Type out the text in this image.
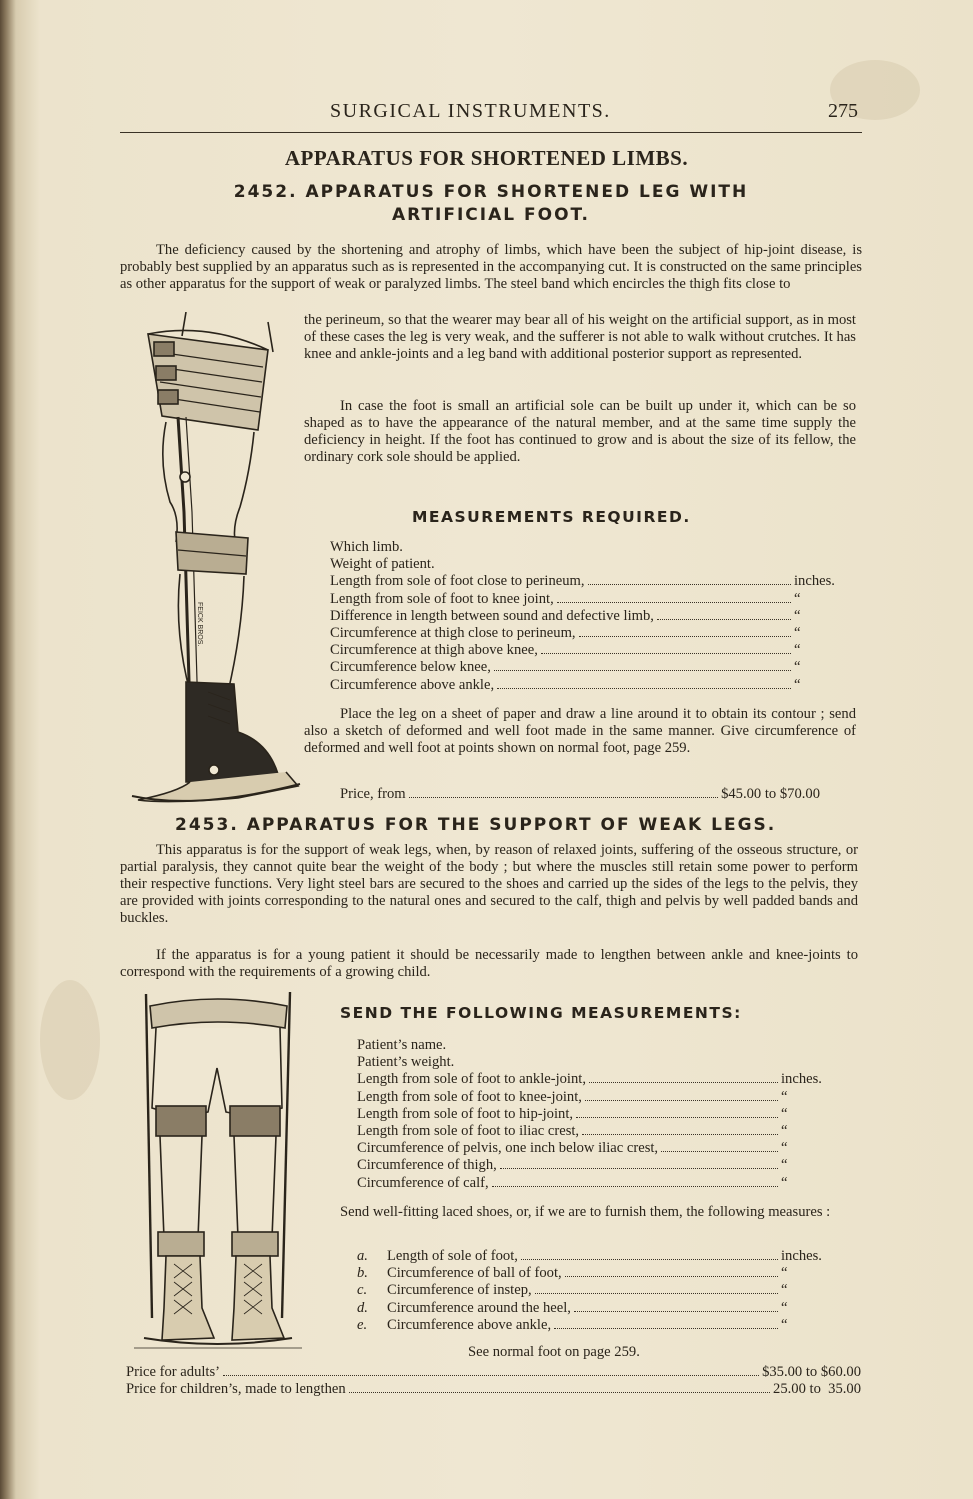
SURGICAL INSTRUMENTS.	275
APPARATUS FOR SHORTENED LIMBS.
2452. APPARATUS FOR SHORTENED LEG WITH
ARTIFICIAL FOOT.

The deficiency caused by the shortening and atrophy of limbs, which have been the subject of hip-joint disease, is probably best supplied by an apparatus such as is represented in the accompanying cut. It is constructed on the same principles as other apparatus for the support of weak or paralyzed limbs. The steel band which encircles the thigh fits close to

FEICK BROS.

the perineum, so that the wearer may bear all of his weight on the artificial support, as in most of these cases the leg is very weak, and the sufferer is not able to walk without crutches. It has knee and ankle-joints and a leg band with additional posterior support as represented.

In case the foot is small an artificial sole can be built up under it, which can be so shaped as to have the appearance of the natural member, and at the same time supply the deficiency in height. If the foot has continued to grow and is about the size of its fellow, the ordinary cork sole should be applied.

MEASUREMENTS REQUIRED.
Which limb.
Weight of patient.
Length from sole of foot close to perineum,	inches.
Length from sole of foot to knee joint,	“
Difference in length between sound and defective limb,	“
Circumference at thigh close to perineum,	“
Circumference at thigh above knee,	“
Circumference below knee,	“
Circumference above ankle,	“

Place the leg on a sheet of paper and draw a line around it to obtain its contour ; send also a sketch of deformed and well foot made in the same manner. Give circumference of deformed and well foot at points shown on normal foot, page 259.

Price, from	$45.00 to $70.00
2453. APPARATUS FOR THE SUPPORT OF WEAK LEGS.

This apparatus is for the support of weak legs, when, by reason of relaxed joints, suffering of the osseous structure, or partial paralysis, they cannot quite bear the weight of the body ; but where the muscles still retain some power to perform their respective functions. Very light steel bars are secured to the shoes and carried up the sides of the legs to the pelvis, they are provided with joints corresponding to the natural ones and secured to the calf, thigh and pelvis by well padded bands and buckles.

If the apparatus is for a young patient it should be necessarily made to lengthen between ankle and knee-joints to correspond with the requirements of a growing child.

SEND THE FOLLOWING MEASUREMENTS:
Patient’s name.
Patient’s weight.
Length from sole of foot to ankle-joint,	inches.
Length from sole of foot to knee-joint,	“
Length from sole of foot to hip-joint,	“
Length from sole of foot to iliac crest,	“
Circumference of pelvis, one inch below iliac crest,	“
Circumference of thigh,	“
Circumference of calf,	“

Send well-fitting laced shoes, or, if we are to furnish them, the following measures :

a.	Length of sole of foot,	inches.
b.	Circumference of ball of foot,	“
c.	Circumference of instep,	“
d.	Circumference around the heel,	“
e.	Circumference above ankle,	“
See normal foot on page 259.
Price for adults’	$35.00 to $60.00
Price for children’s, made to lengthen	25.00 to  35.00
